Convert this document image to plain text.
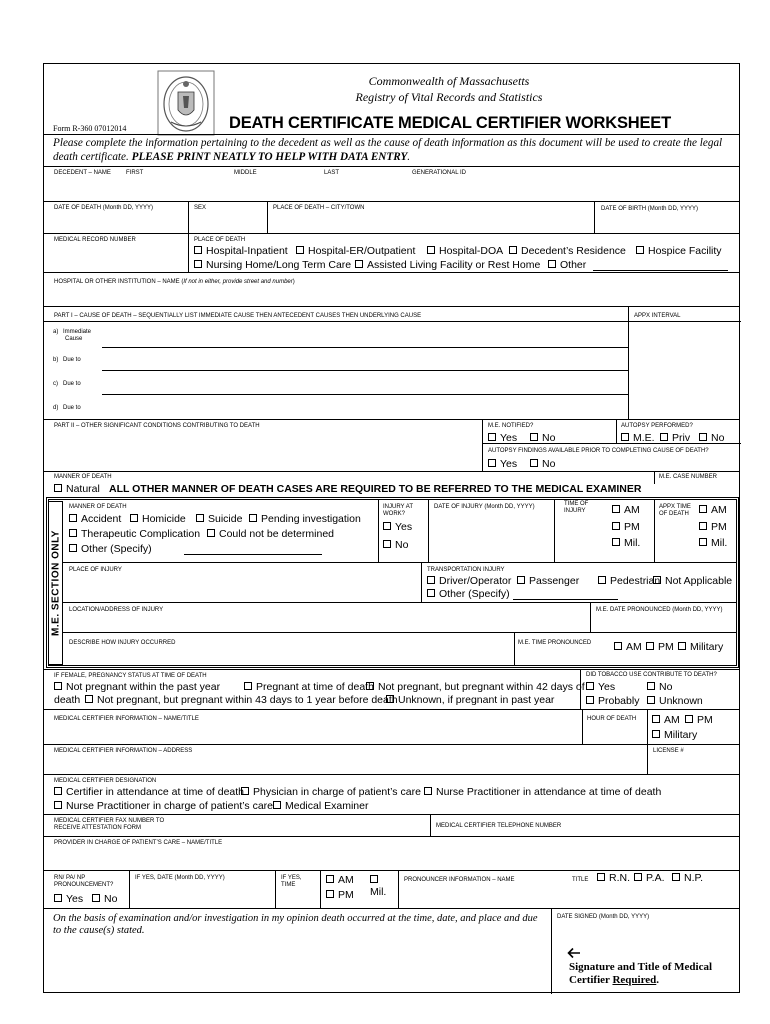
Commonwealth of Massachusetts
Registry of Vital Records and Statistics
Form R-360 07012014	DEATH CERTIFICATE MEDICAL CERTIFIER WORKSHEET
Please complete the information pertaining to the decedent as well as the cause of death information as this document will be used to create the legal death certificate. PLEASE PRINT NEATLY TO HELP WITH DATA ENTRY.
DECEDENT – NAME	FIRST	MIDDLE	LAST	GENERATIONAL ID
DATE OF DEATH (Month DD, YYYY)	SEX	PLACE OF DEATH – CITY/TOWN	DATE OF BIRTH (Month DD, YYYY)
MEDICAL RECORD NUMBER	PLACE OF DEATH
Hospital-Inpatient	Hospital-ER/Outpatient	Hospital-DOA	Decedent’s Residence	Hospice Facility
Nursing Home/Long Term Care	Assisted Living Facility or Rest Home	Other
HOSPITAL OR OTHER INSTITUTION – NAME (If not in either, provide street and number)
PART I – CAUSE OF DEATH – SEQUENTIALLY LIST IMMEDIATE CAUSE THEN ANTECEDENT CAUSES THEN UNDERLYING CAUSE	APPX INTERVAL
a) Immediate
Cause
b) Due to
c) Due to
d) Due to
PART II – OTHER SIGNIFICANT CONDITIONS CONTRIBUTING TO DEATH	M.E. NOTIFIED?	AUTOPSY PERFORMED?
Yes	No	M.E.	Priv	No
AUTOPSY FINDINGS AVAILABLE PRIOR TO COMPLETING CAUSE OF DEATH?
Yes	No
MANNER OF DEATH	M.E. CASE NUMBER
Natural ALL OTHER MANNER OF DEATH CASES ARE REQUIRED TO BE REFERRED TO THE MEDICAL EXAMINER
M.E. SECTION ONLY
MANNER OF DEATH
Accident	Homicide	Suicide	Pending investigation
Therapeutic Complication	Could not be determined
Other (Specify)
INJURY AT WORK?
Yes
No
DATE OF INJURY (Month DD, YYYY)	TIME OF INJURY	AM
PM
Mil.
APPX TIME OF DEATH	AM
PM
Mil.
PLACE OF INJURY	TRANSPORTATION INJURY
Driver/Operator	Passenger	Pedestrian Not Applicable
Other (Specify)
LOCATION/ADDRESS OF INJURY	M.E. DATE PRONOUNCED (Month DD, YYYY)
DESCRIBE HOW INJURY OCCURRED	M.E. TIME PRONOUNCED	AM	PM	Military
IF FEMALE, PREGNANCY STATUS AT TIME OF DEATH	DID TOBACCO USE CONTRIBUTE TO DEATH?
Not pregnant within the past year	Pregnant at time of death Not pregnant, but pregnant within 42 days of
death	Not pregnant, but pregnant within 43 days to 1 year before death Unknown, if pregnant in past year
Yes	No
Probably	Unknown
MEDICAL CERTIFIER INFORMATION – NAME/TITLE	HOUR OF DEATH	AM	PM
Military
MEDICAL CERTIFIER INFORMATION – ADDRESS	LICENSE #
MEDICAL CERTIFIER DESIGNATION
Certifier in attendance at time of death Physician in charge of patient’s care	Nurse Practitioner in attendance at time of death
Nurse Practitioner in charge of patient’s care	Medical Examiner
MEDICAL CERTIFIER FAX NUMBER TO
RECEIVE ATTESTATION FORM	MEDICAL CERTIFIER TELEPHONE NUMBER
PROVIDER IN CHARGE OF PATIENT’S CARE – NAME/TITLE
RN/ PA/ NP
PRONOUNCEMENT?
Yes	No
IF YES, DATE (Month DD, YYYY)	IF YES,
TIME	AM
PM Mil.
PRONOUNCER INFORMATION – NAME	TITLE	R.N.	P.A.	N.P.
On the basis of examination and/or investigation in my opinion death occurred at the time, date, and place and due to the cause(s) stated.
DATE SIGNED (Month DD, YYYY)
Signature and Title of Medical
Certifier Required.
